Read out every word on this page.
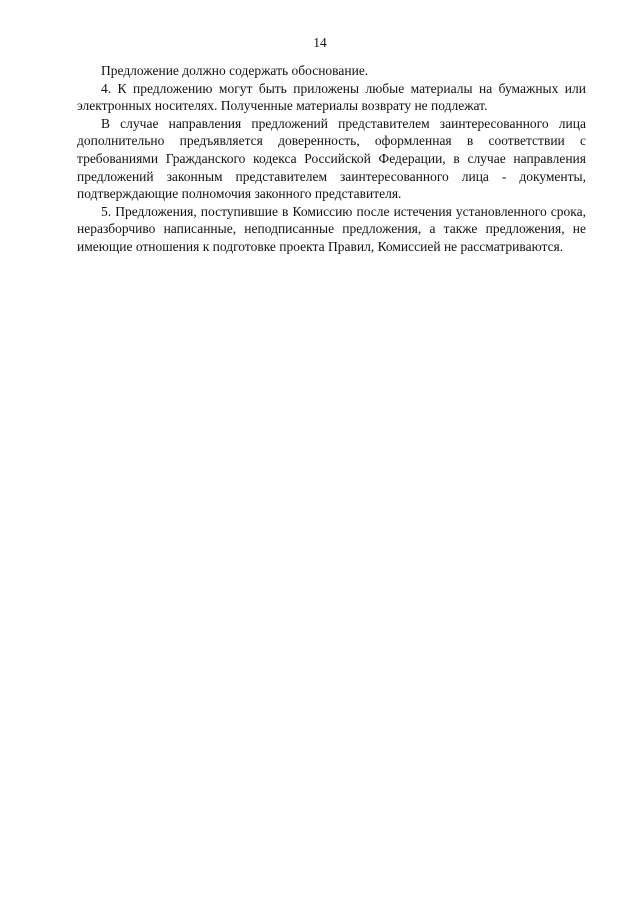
14

Предложение должно содержать обоснование.

4. К предложению могут быть приложены любые материалы на бумажных или электронных носителях. Полученные материалы возврату не подлежат.

В случае направления предложений представителем заинтересованного лица дополнительно предъявляется доверенность, оформленная в соответствии с требованиями Гражданского кодекса Российской Федерации, в случае направления предложений законным представителем заинтересованного лица - документы, подтверждающие полномочия законного представителя.

5. Предложения, поступившие в Комиссию после истечения установленного срока, неразборчиво написанные, неподписанные предложения, а также предложения, не имеющие отношения к подготовке проекта Правил, Комиссией не рассматриваются.
